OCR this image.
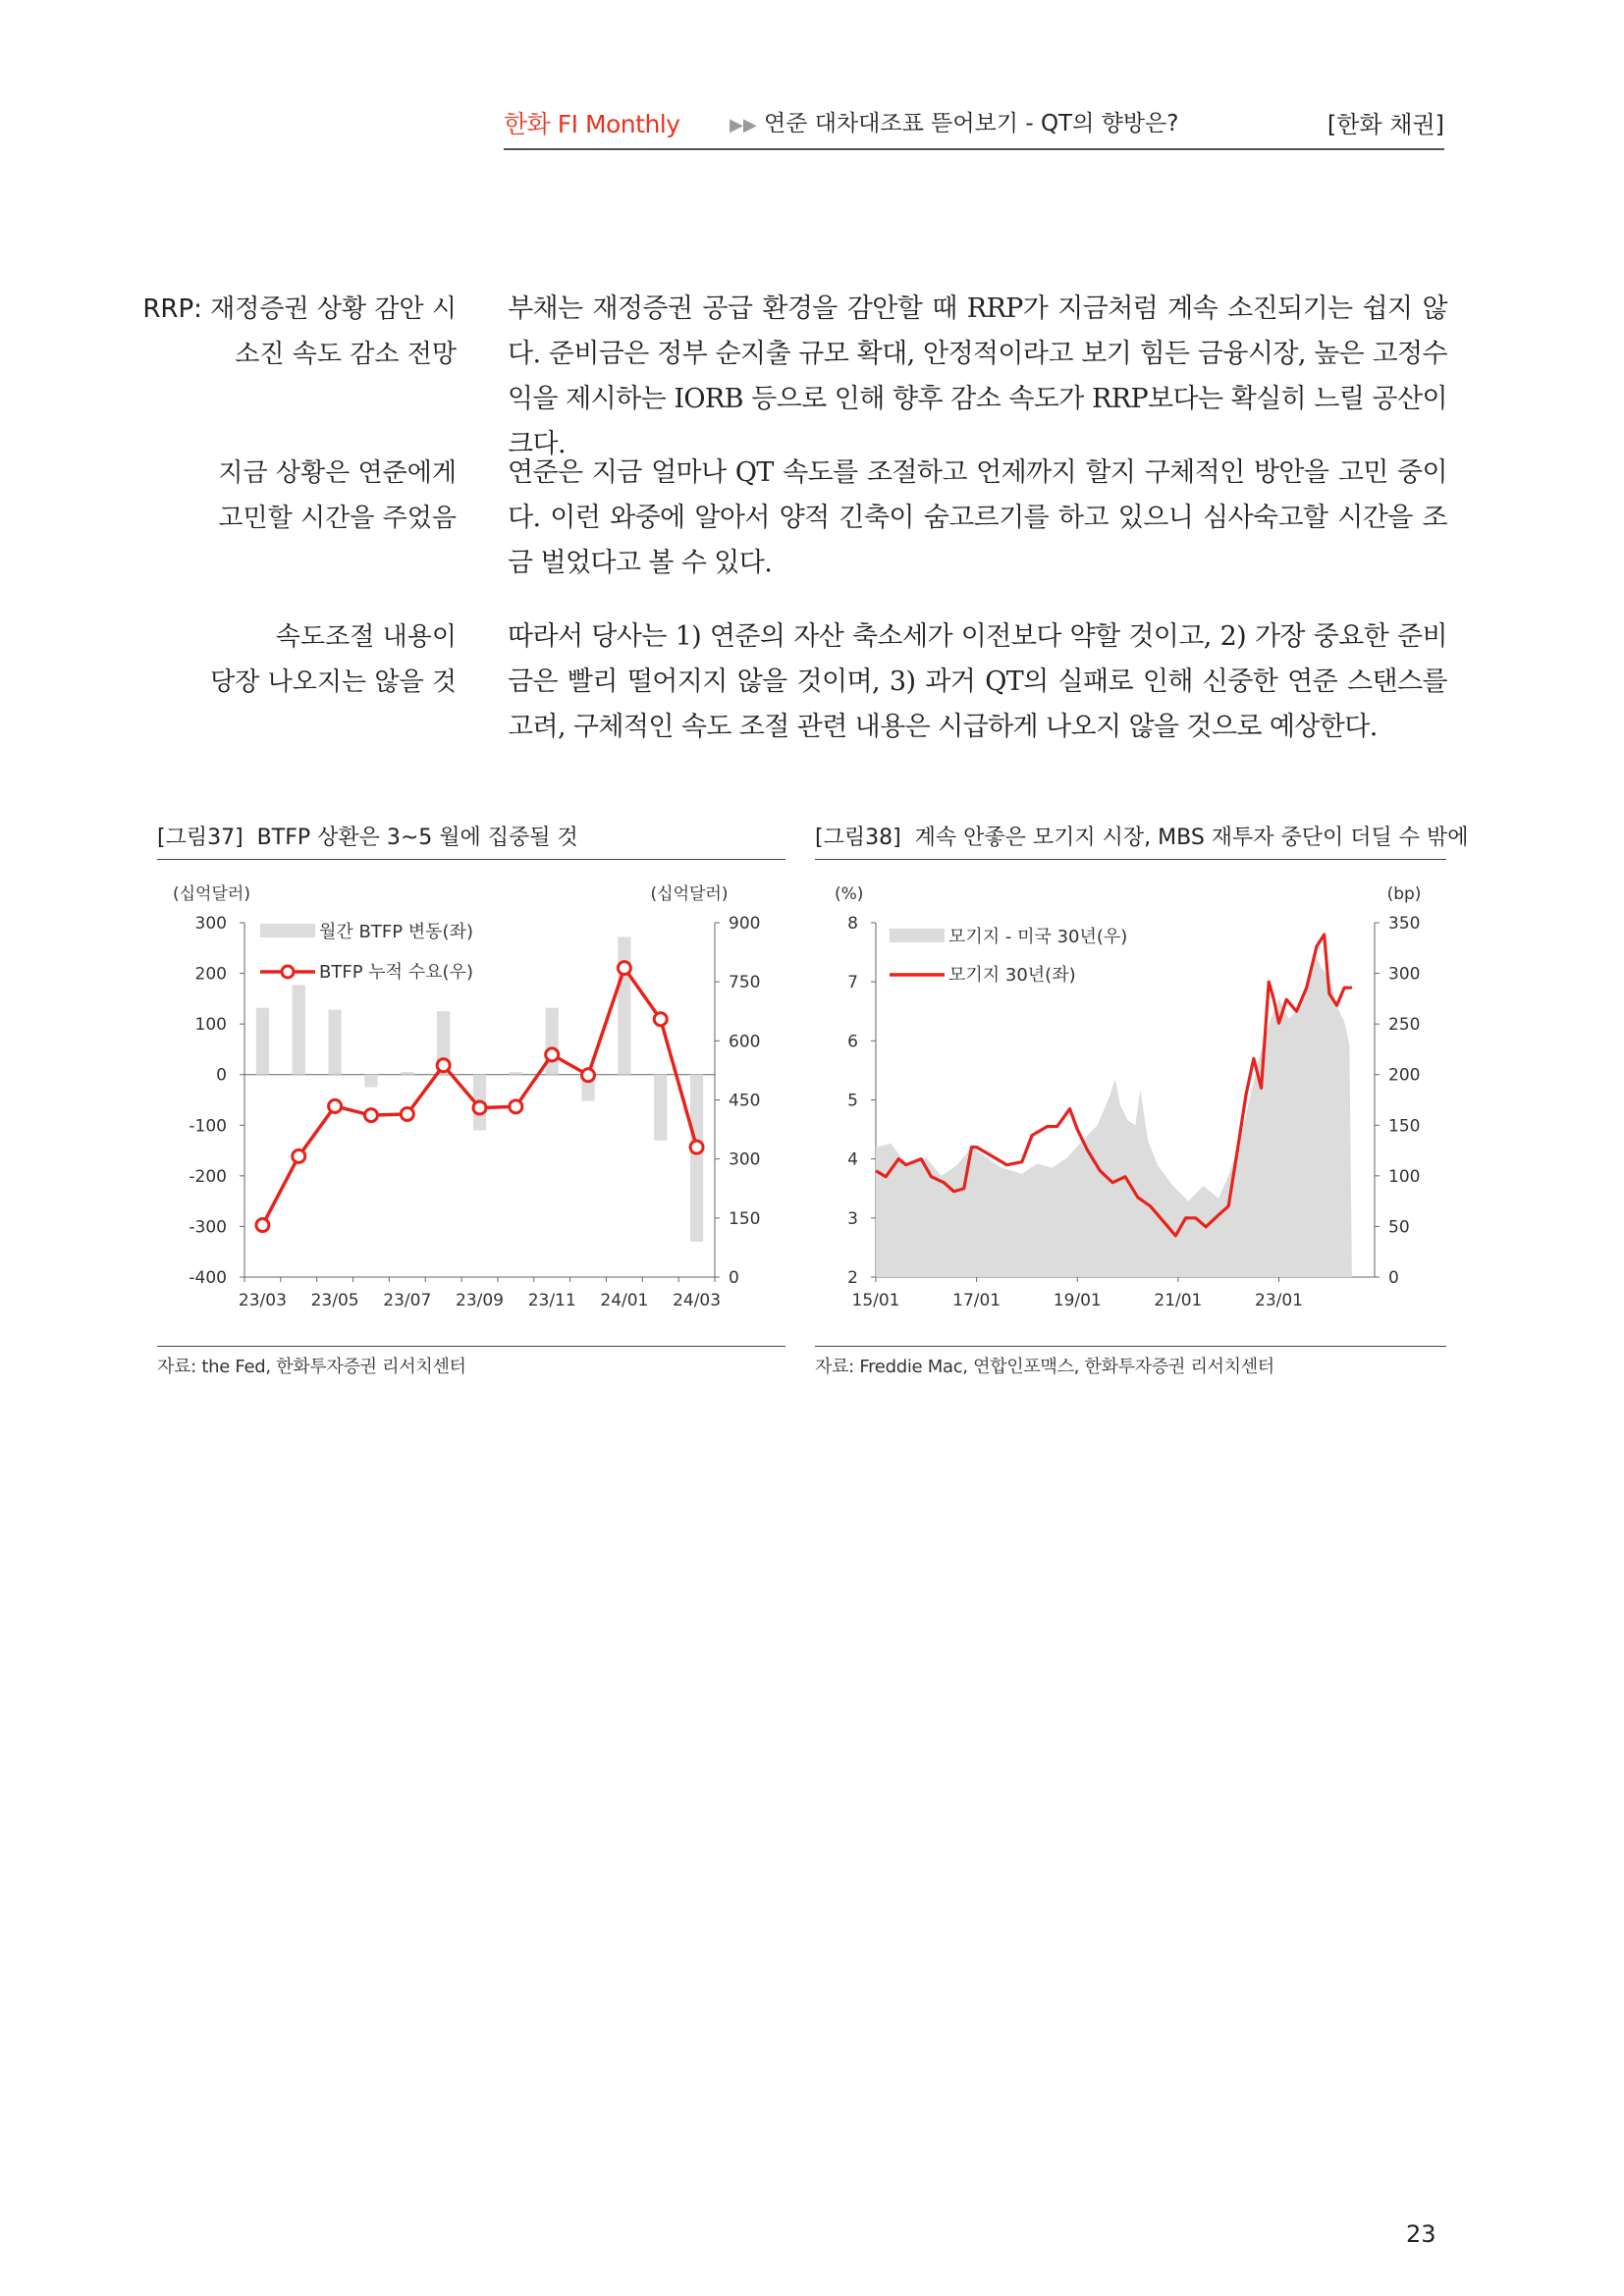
한화 FI Monthly	▶▶ 연준 대차대조표 뜯어보기 - QT의 향방은?	[한화 채권]
RRP: 재정증권 상황 감안 시
소진 속도 감소 전망
부채는 재정증권 공급 환경을 감안할 때 RRP가 지금처럼 계속 소진되기는 쉽지 않다. 준비금은 정부 순지출 규모 확대, 안정적이라고 보기 힘든 금융시장, 높은 고정수익을 제시하는 IORB 등으로 인해 향후 감소 속도가 RRP보다는 확실히 느릴 공산이 크다.
지금 상황은 연준에게
고민할 시간을 주었음
연준은 지금 얼마나 QT 속도를 조절하고 언제까지 할지 구체적인 방안을 고민 중이다. 이런 와중에 알아서 양적 긴축이 숨고르기를 하고 있으니 심사숙고할 시간을 조금 벌었다고 볼 수 있다.
속도조절 내용이
당장 나오지는 않을 것
따라서 당사는 1) 연준의 자산 축소세가 이전보다 약할 것이고, 2) 가장 중요한 준비금은 빨리 떨어지지 않을 것이며, 3) 과거 QT의 실패로 인해 신중한 연준 스탠스를 고려, 구체적인 속도 조절 관련 내용은 시급하게 나오지 않을 것으로 예상한다.
[그림37] BTFP 상환은 3~5 월에 집중될 것
(십억달러)	(십억달러)
300
200
100
0
-100
-200
-300
-400
900
750
600
450
300
150
0
23/03 23/05 23/07 23/09 23/11 24/01 24/03
월간 BTFP 변동(좌)
BTFP 누적 수요(우)
자료: the Fed, 한화투자증권 리서치센터
[그림38] 계속 안좋은 모기지 시장, MBS 재투자 중단이 더딜 수 밖에
(%)	(bp)
8
7
6
5
4
3
2
350
300
250
200
150
100
50
0
15/01	17/01	19/01	21/01	23/01
모기지 - 미국 30년(우)
모기지 30년(좌)
자료: Freddie Mac, 연합인포맥스, 한화투자증권 리서치센터
23
